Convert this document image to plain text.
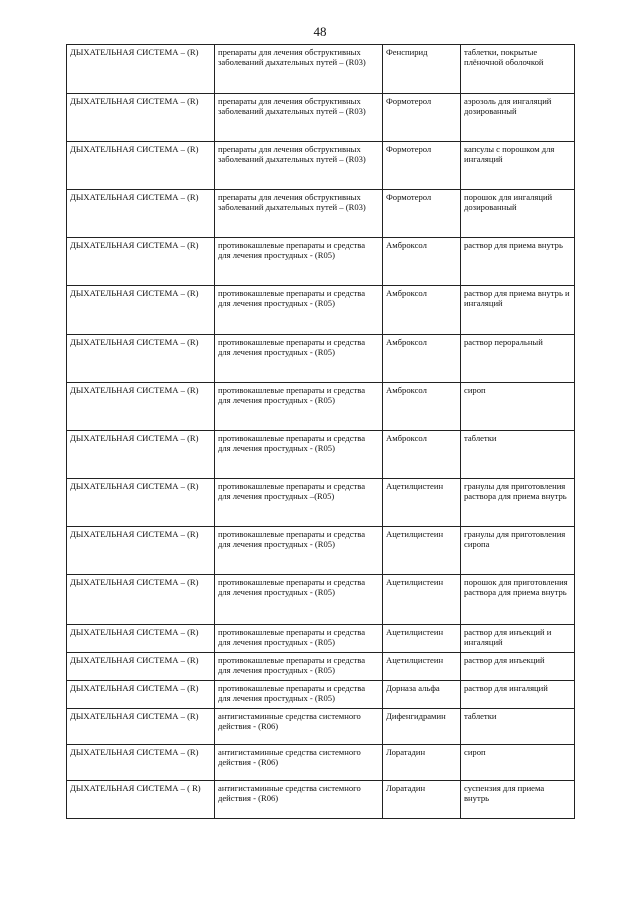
48
ДЫХАТЕЛЬНАЯ СИСТЕМА – (R)	препараты для лечения обструктивных заболеваний дыхательных путей – (R03)	Фенспирид	таблетки, покрытые плёночной оболочкой
ДЫХАТЕЛЬНАЯ СИСТЕМА – (R)	препараты для лечения обструктивных заболеваний дыхательных путей – (R03)	Формотерол	аэрозоль для ингаляций дозированный
ДЫХАТЕЛЬНАЯ СИСТЕМА – (R)	препараты для лечения обструктивных заболеваний дыхательных путей – (R03)	Формотерол	капсулы с порошком для ингаляций
ДЫХАТЕЛЬНАЯ СИСТЕМА – (R)	препараты для лечения обструктивных заболеваний дыхательных путей – (R03)	Формотерол	порошок для ингаляций дозированный
ДЫХАТЕЛЬНАЯ СИСТЕМА – (R)	противокашлевые препараты и средства для лечения простудных - (R05)	Амброксол	раствор для приема внутрь
ДЫХАТЕЛЬНАЯ СИСТЕМА – (R)	противокашлевые препараты и средства для лечения простудных - (R05)	Амброксол	раствор для приема внутрь и ингаляций
ДЫХАТЕЛЬНАЯ СИСТЕМА – (R)	противокашлевые препараты и средства для лечения простудных - (R05)	Амброксол	раствор пероральный
ДЫХАТЕЛЬНАЯ СИСТЕМА – (R)	противокашлевые препараты и средства для лечения простудных - (R05)	Амброксол	сироп
ДЫХАТЕЛЬНАЯ СИСТЕМА – (R)	противокашлевые препараты и средства для лечения простудных - (R05)	Амброксол	таблетки
ДЫХАТЕЛЬНАЯ СИСТЕМА – (R)	противокашлевые препараты и средства для лечения простудных –(R05)	Ацетилцистеин	гранулы для приготовления раствора для приема внутрь
ДЫХАТЕЛЬНАЯ СИСТЕМА – (R)	противокашлевые препараты и средства для лечения простудных - (R05)	Ацетилцистеин	гранулы для приготовления сиропа
ДЫХАТЕЛЬНАЯ СИСТЕМА – (R)	противокашлевые препараты и средства для лечения простудных - (R05)	Ацетилцистеин	порошок для приготовления раствора для приема внутрь
ДЫХАТЕЛЬНАЯ СИСТЕМА – (R)	противокашлевые препараты и средства для лечения простудных - (R05)	Ацетилцистеин	раствор для инъекций и ингаляций
ДЫХАТЕЛЬНАЯ СИСТЕМА – (R)	противокашлевые препараты и средства для лечения простудных - (R05)	Ацетилцистеин	раствор для инъекций
ДЫХАТЕЛЬНАЯ СИСТЕМА – (R)	противокашлевые препараты и средства для лечения простудных - (R05)	Дорназа альфа	раствор для ингаляций
ДЫХАТЕЛЬНАЯ СИСТЕМА – (R)	антигистаминные средства системного действия - (R06)	Дифенгидрамин	таблетки
ДЫХАТЕЛЬНАЯ СИСТЕМА – (R)	антигистаминные средства системного действия - (R06)	Лоратадин	сироп
ДЫХАТЕЛЬНАЯ СИСТЕМА – ( R)	антигистаминные средства системного действия - (R06)	Лоратадин	суспензия для приема внутрь
